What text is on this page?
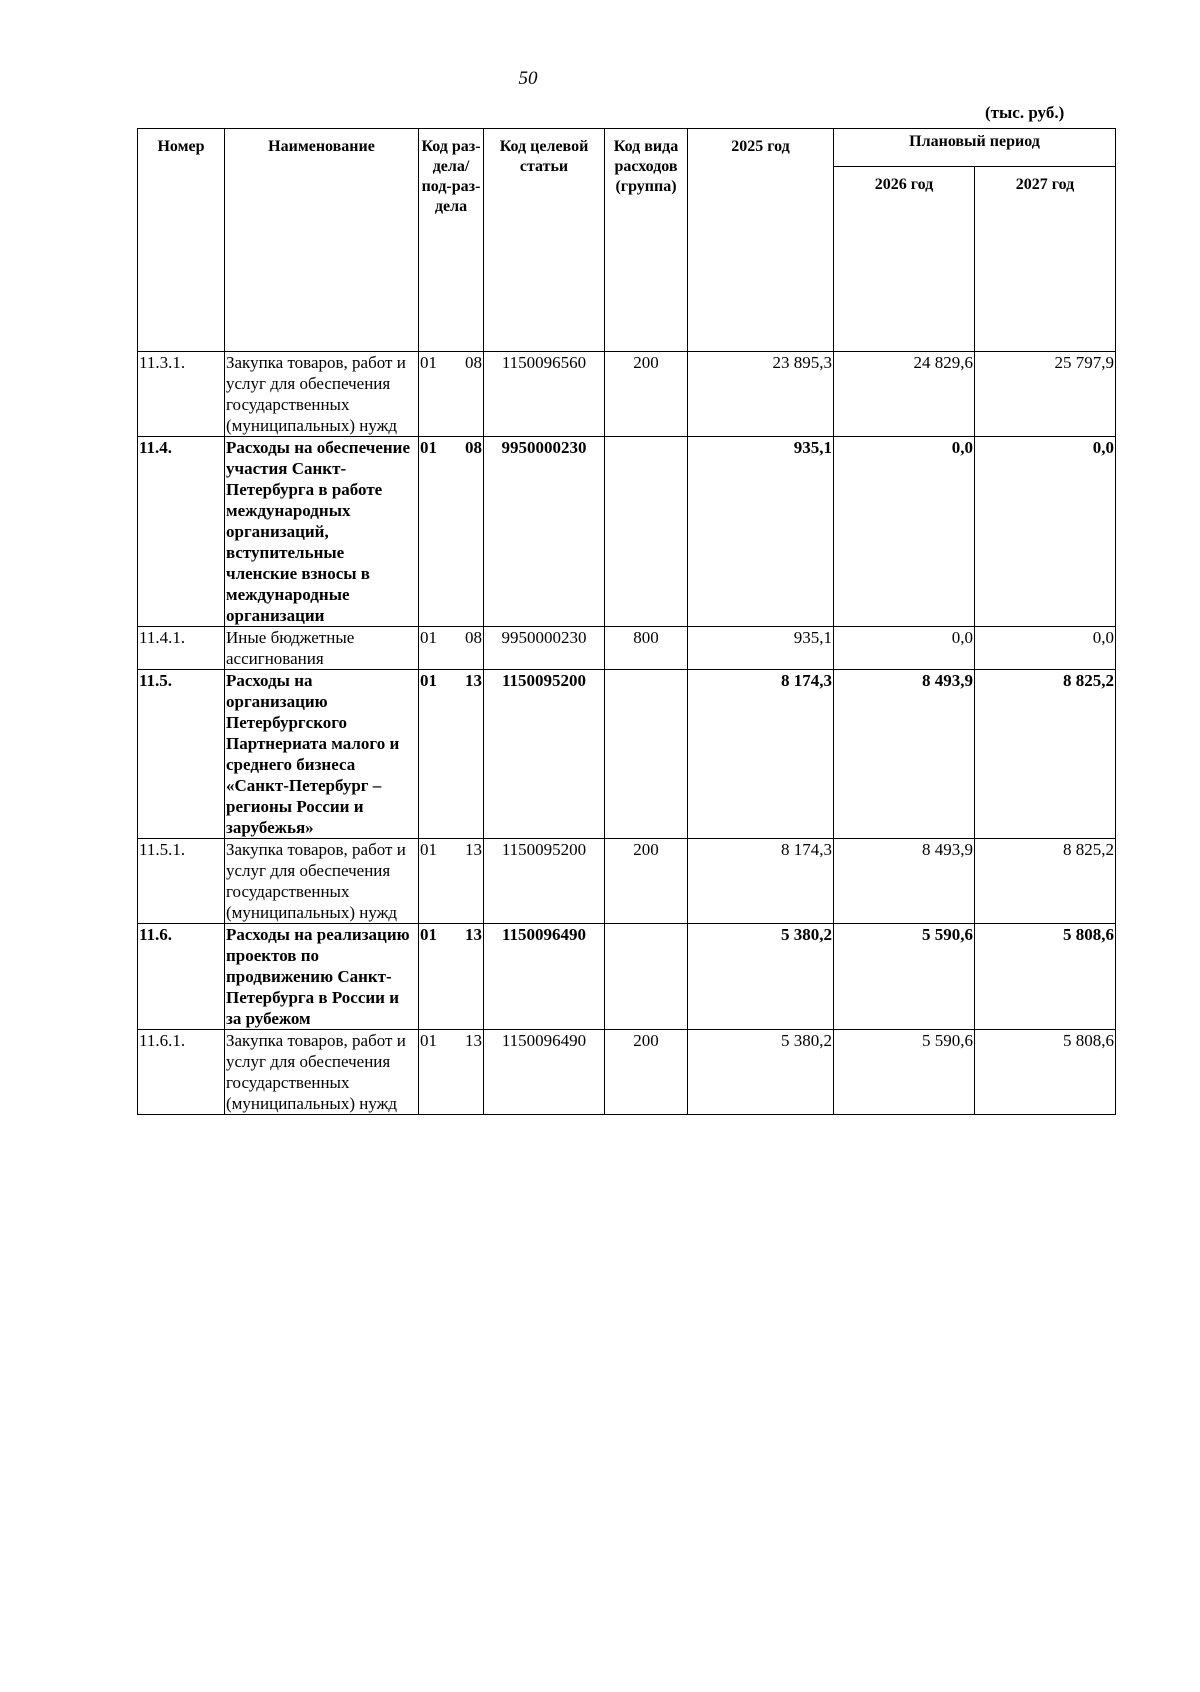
50
(тыс. руб.)
Номер	Наименование	Код раз-дела/ под-раз-дела	Код целевой статьи	Код вида расходов (группа)	2025 год	Плановый период	
						2026 год	2027 год
11.3.1.	Закупка товаров, работ и услуг для обеспечения государственных (муниципальных) нужд	01 08	1150096560	200	23 895,3	24 829,6	25 797,9
11.4.	Расходы на обеспечение участия Санкт-Петербурга в работе международных организаций, вступительные членские взносы в международные организации	01 08	9950000230		935,1	0,0	0,0
11.4.1.	Иные бюджетные ассигнования	01 08	9950000230	800	935,1	0,0	0,0
11.5.	Расходы на организацию Петербургского Партнериата малого и среднего бизнеса «Санкт-Петербург – регионы России и зарубежья»	01 13	1150095200		8 174,3	8 493,9	8 825,2
11.5.1.	Закупка товаров, работ и услуг для обеспечения государственных (муниципальных) нужд	01 13	1150095200	200	8 174,3	8 493,9	8 825,2
11.6.	Расходы на реализацию проектов по продвижению Санкт-Петербурга в России и за рубежом	01 13	1150096490		5 380,2	5 590,6	5 808,6
11.6.1.	Закупка товаров, работ и услуг для обеспечения государственных (муниципальных) нужд	01 13	1150096490	200	5 380,2	5 590,6	5 808,6
